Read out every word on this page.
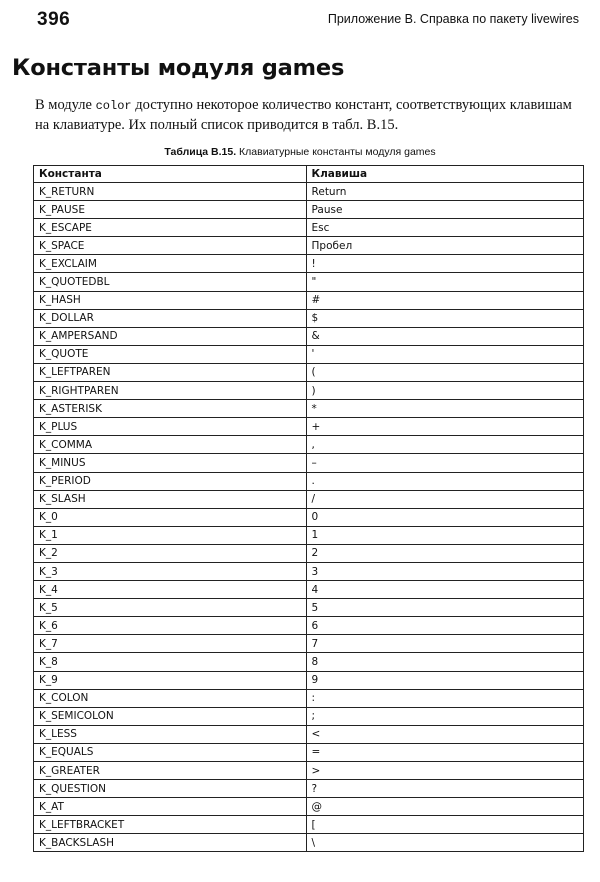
396	Приложение В. Справка по пакету livewires
Константы модуля games

В модуле color доступно некоторое количество констант, соответствующих клавишам на клавиатуре. Их полный список приводится в табл. В.15.

Таблица В.15. Клавиатурные константы модуля games
Константа	Клавиша
K_RETURN	Return
K_PAUSE	Pause
K_ESCAPE	Esc
K_SPACE	Пробел
K_EXCLAIM	!
K_QUOTEDBL	"
K_HASH	#
K_DOLLAR	$
K_AMPERSAND	&
K_QUOTE	'
K_LEFTPAREN	(
K_RIGHTPAREN	)
K_ASTERISK	*
K_PLUS	+
K_COMMA	,
K_MINUS	–
K_PERIOD	.
K_SLASH	/
K_0	0
K_1	1
K_2	2
K_3	3
K_4	4
K_5	5
K_6	6
K_7	7
K_8	8
K_9	9
K_COLON	:
K_SEMICOLON	;
K_LESS	<
K_EQUALS	=
K_GREATER	>
K_QUESTION	?
K_AT	@
K_LEFTBRACKET	[
K_BACKSLASH	\
